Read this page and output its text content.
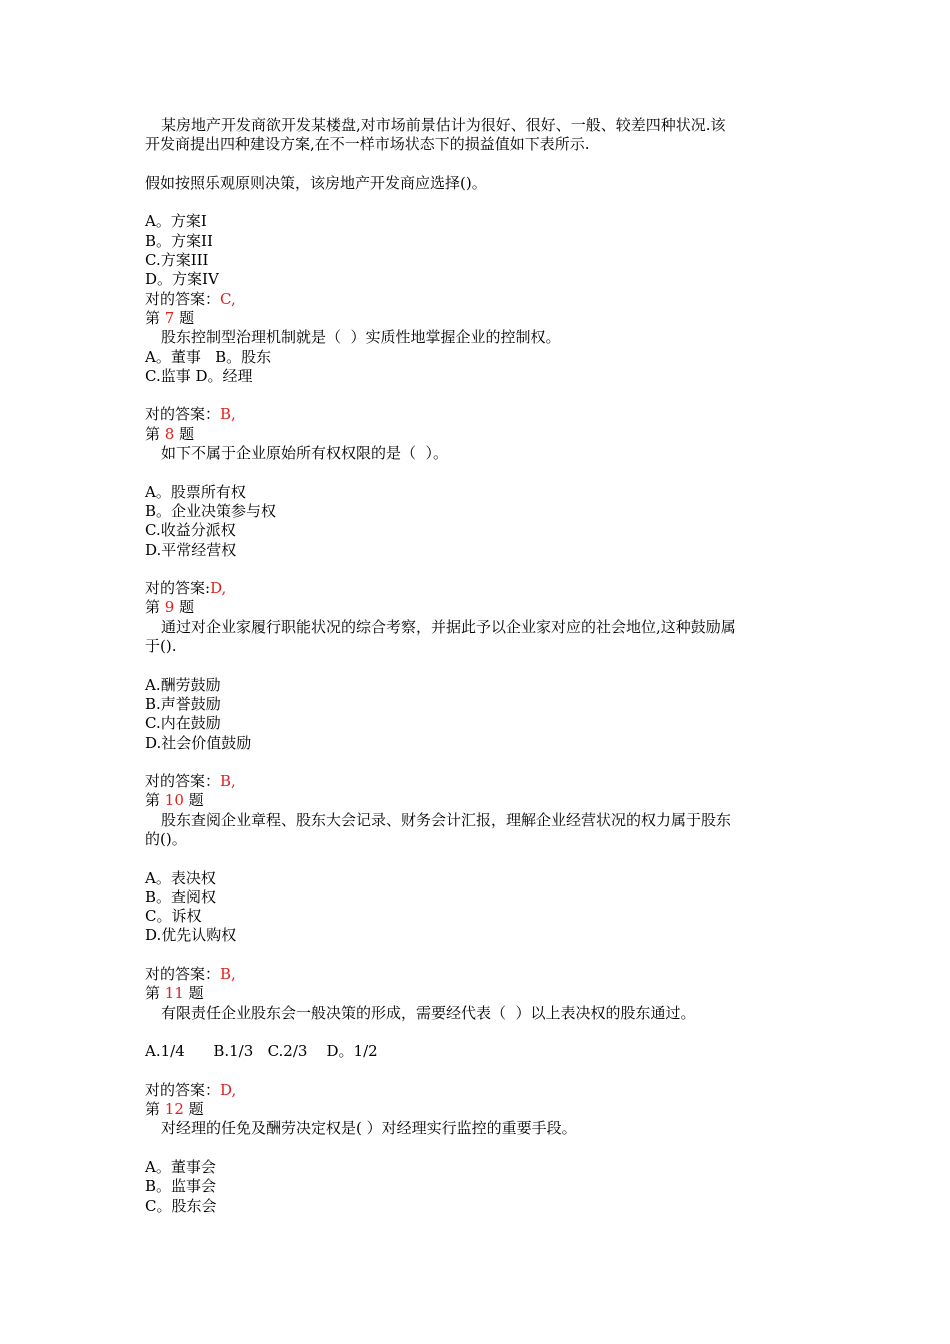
某房地产开发商欲开发某楼盘,对市场前景估计为很好、很好、一般、较差四种状况.该
开发商提出四种建设方案,在不一样市场状态下的损益值如下表所示.
假如按照乐观原则决策，该房地产开发商应选择()。
A。方案Ⅰ
B。方案II
C.方案III
D。方案IV
对的答案：C,
第 7 题
股东控制型治理机制就是（  ）实质性地掌握企业的控制权。
A。董事   B。股东
C.监事 D。经理
对的答案：B,
第 8 题
如下不属于企业原始所有权权限的是（  ）。
A。股票所有权
B。企业决策参与权
C.收益分派权
D.平常经营权
对的答案:D,
第 9 题
通过对企业家履行职能状况的综合考察，并据此予以企业家对应的社会地位,这种鼓励属
于().
A.酬劳鼓励
B.声誉鼓励
C.内在鼓励
D.社会价值鼓励
对的答案：B,
第 10 题
股东查阅企业章程、股东大会记录、财务会计汇报，理解企业经营状况的权力属于股东
的()。
A。表决权
B。查阅权
C。诉权
D.优先认购权
对的答案：B,
第 11 题
有限责任企业股东会一般决策的形成，需要经代表（  ）以上表决权的股东通过。
A.1/4      B.1/3   C.2/3    D。1/2
对的答案：D,
第 12 题
对经理的任免及酬劳决定权是( ）对经理实行监控的重要手段。
A。董事会
B。监事会
C。股东会
